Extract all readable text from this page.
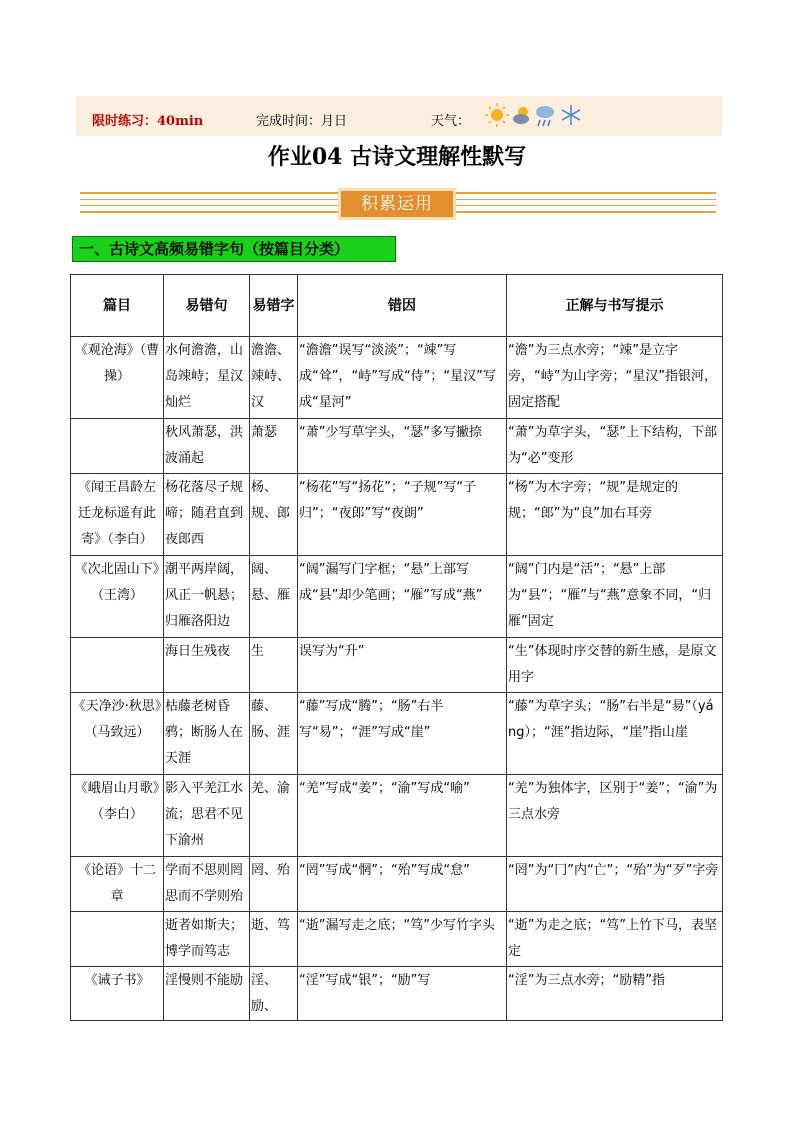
限时练习：40min	完成时间：月日	天气：
作业04 古诗文理解性默写
积累运用
一、古诗文高频易错字句（按篇目分类）
篇目	易错句	易错字	错因	正解与书写提示
《观沧海》（曹操）	水何澹澹，山岛竦峙；星汉灿烂	澹澹、竦峙、汉	“澹澹”误写“淡淡”；“竦”写成“耸”，“峙”写成“侍”；“星汉”写成“星河”	“澹”为三点水旁；“竦”是立字旁，“峙”为山字旁；“星汉”指银河，固定搭配
	秋风萧瑟，洪波涌起	萧瑟	“萧”少写草字头，“瑟”多写撇捺	“萧”为草字头，“瑟”上下结构，下部为“必”变形
《闻王昌龄左迁龙标遥有此寄》（李白）	杨花落尽子规啼；随君直到夜郎西	杨、规、郎	“杨花”写“扬花”；“子规”写“子归”；“夜郎”写“夜朗”	“杨”为木字旁；“规”是规定的规；“郎”为“良”加右耳旁
《次北固山下》（王湾）	潮平两岸阔，风正一帆悬；归雁洛阳边	阔、悬、雁	“阔”漏写门字框；“悬”上部写成“县”却少笔画；“雁”写成“燕”	“阔”门内是“活”；“悬”上部为“县”；“雁”与“燕”意象不同，“归雁”固定
	海日生残夜	生	误写为“升”	“生”体现时序交替的新生感，是原文用字
《天净沙·秋思》（马致远）	枯藤老树昏鸦；断肠人在天涯	藤、肠、涯	“藤”写成“腾”；“肠”右半写“易”；“涯”写成“崖”	“藤”为草字头；“肠”右半是“昜”（yáng）；“涯”指边际，“崖”指山崖
《峨眉山月歌》（李白）	影入平羌江水流；思君不见下渝州	羌、渝	“羌”写成“姜”；“渝”写成“喻”	“羌”为独体字，区别于“姜”；“渝”为三点水旁
《论语》十二章	学而不思则罔思而不学则殆	罔、殆	“罔”写成“惘”；“殆”写成“怠”	“罔”为“冂”内“亡”；“殆”为“歹”字旁
	逝者如斯夫；博学而笃志	逝、笃	“逝”漏写走之底；“笃”少写竹字头	“逝”为走之底；“笃”上竹下马，表坚定
《诫子书》	淫慢则不能励	淫、励、	“淫”写成“银”；“励”写	“淫”为三点水旁；“励精”指
